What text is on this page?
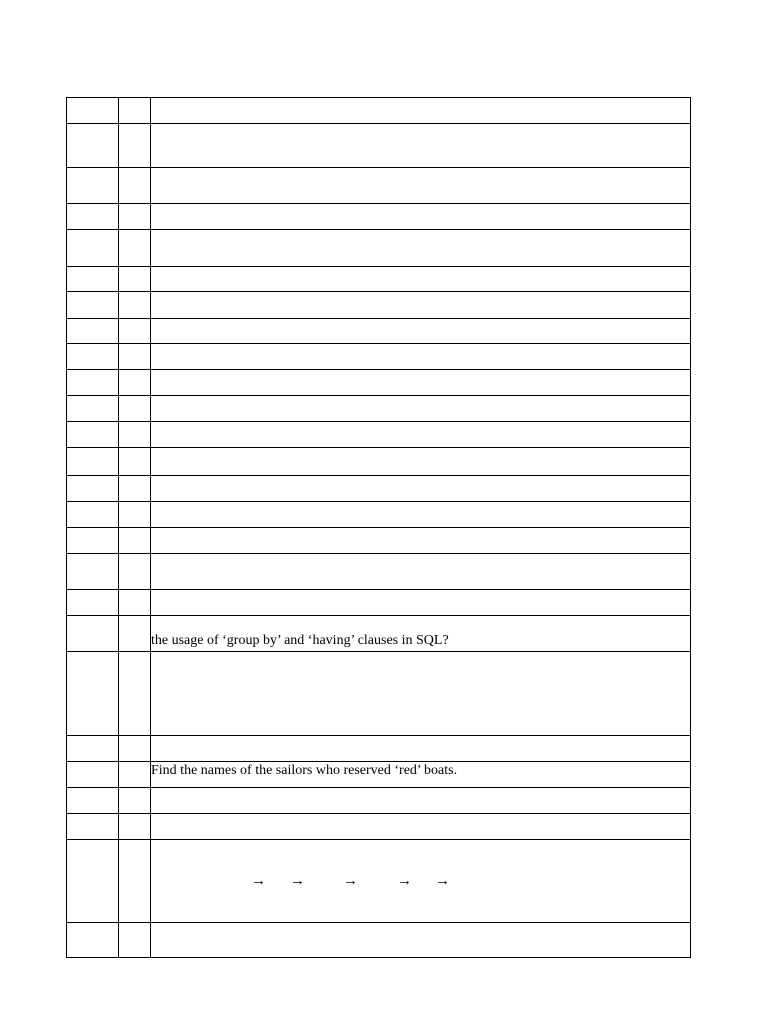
		the usage of ‘group by’ and ‘having’ clauses in SQL?

		Find the names of the sailors who reserved ‘red’ boats.

		→ → → → →
